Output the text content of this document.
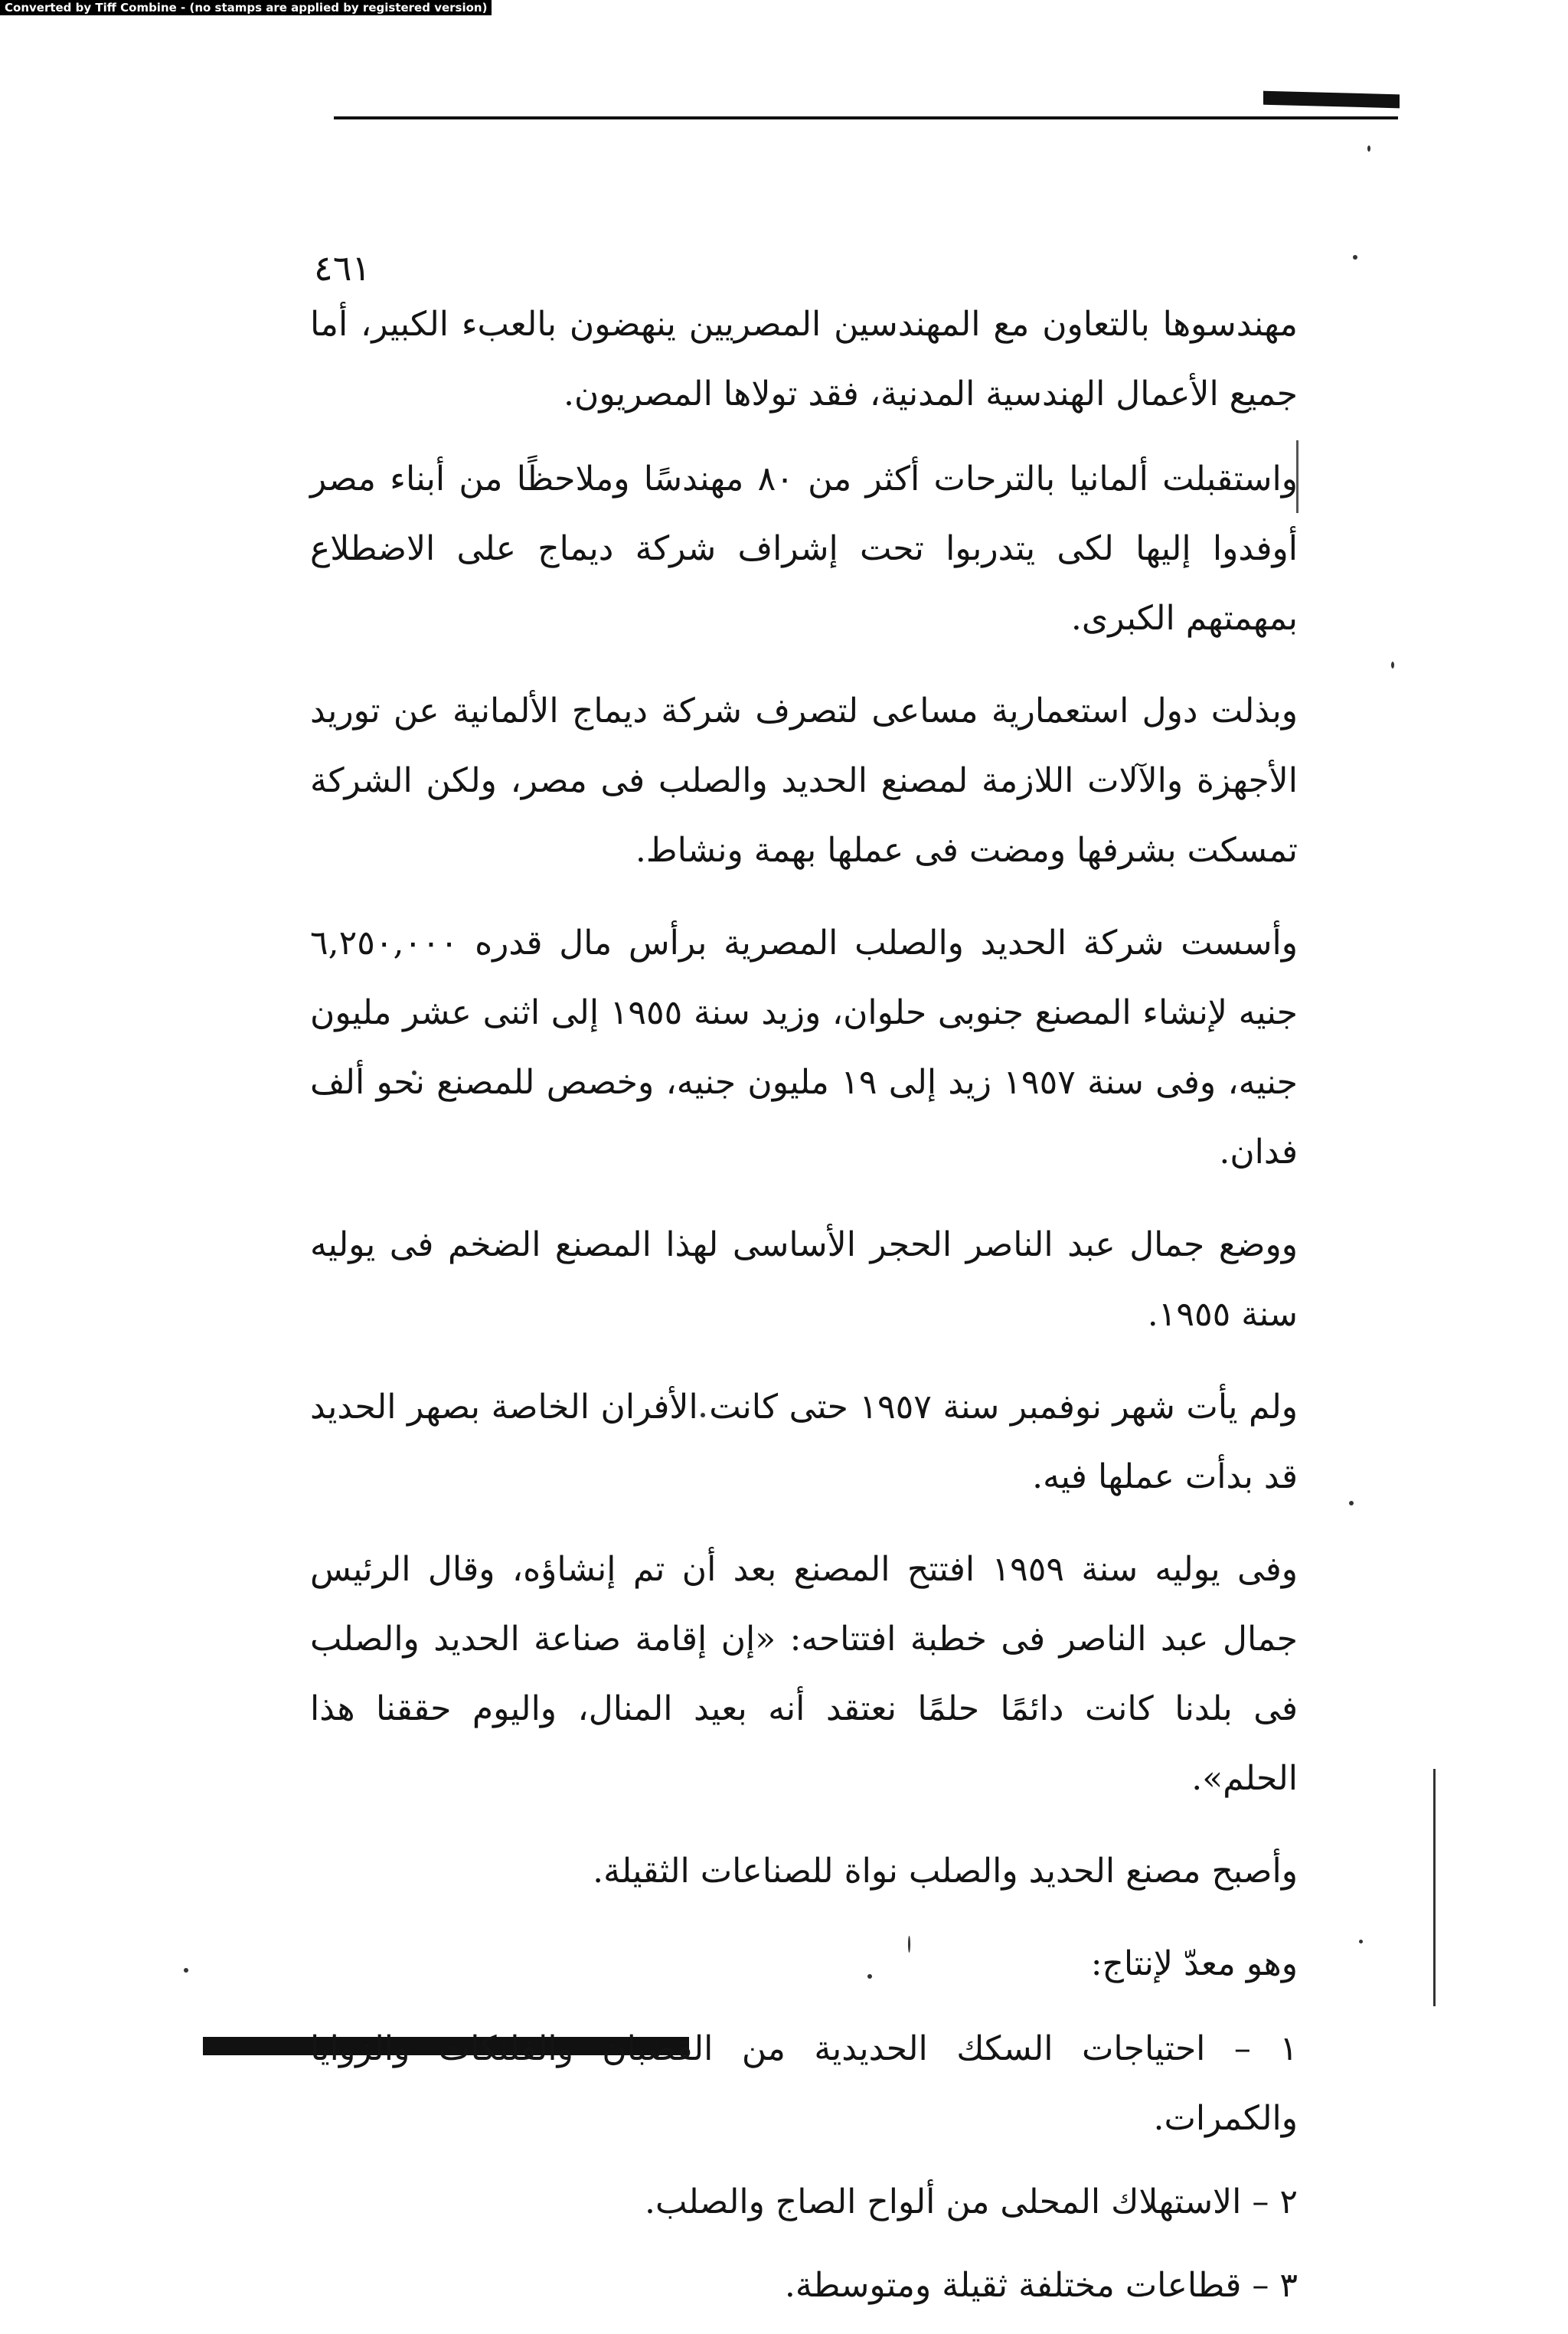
Converted by Tiff Combine - (no stamps are applied by registered version)
٤٦١

مهندسوها بالتعاون مع المهندسين المصريين ينهضون بالعبء الكبير، أما جميع الأعمال الهندسية المدنية، فقد تولاها المصريون.

واستقبلت ألمانيا بالترحات أكثر من ٨٠ مهندسًا وملاحظًا من أبناء مصر أوفدوا إليها لكى يتدربوا تحت إشراف شركة ديماج على الاضطلاع بمهمتهم الكبرى.

وبذلت دول استعمارية مساعى لتصرف شركة ديماج الألمانية عن توريد الأجهزة والآلات اللازمة لمصنع الحديد والصلب فى مصر، ولكن الشركة تمسكت بشرفها ومضت فى عملها بهمة ونشاط.

وأسست شركة الحديد والصلب المصرية برأس مال قدره ٦,٢٥٠,٠٠٠ جنيه لإنشاء المصنع جنوبى حلوان، وزيد سنة ١٩٥٥ إلى اثنى عشر مليون جنيه، وفى سنة ١٩٥٧ زيد إلى ١٩ مليون جنيه، وخصص للمصنع نحو ألف فدان.

ووضع جمال عبد الناصر الحجر الأساسى لهذا المصنع الضخم فى يوليه سنة ١٩٥٥.

ولم يأت شهر نوفمبر سنة ١٩٥٧ حتى كانت الأفران الخاصة بصهر الحديد قد بدأت عملها فيه.

وفى يوليه سنة ١٩٥٩ افتتح المصنع بعد أن تم إنشاؤه، وقال الرئيس جمال عبد الناصر فى خطبة افتتاحه: «إن إقامة صناعة الحديد والصلب فى بلدنا كانت دائمًا حلمًا نعتقد أنه بعيد المنال، واليوم حققنا هذا الحلم».

وأصبح مصنع الحديد والصلب نواة للصناعات الثقيلة.

وهو معدّ لإنتاج:

١ – احتياجات السكك الحديدية من القضبان والفلنكات والزوايا والكمرات.
٢ – الاستهلاك المحلى من ألواح الصاج والصلب.
٣ – قطاعات مختلفة ثقيلة ومتوسطة.
